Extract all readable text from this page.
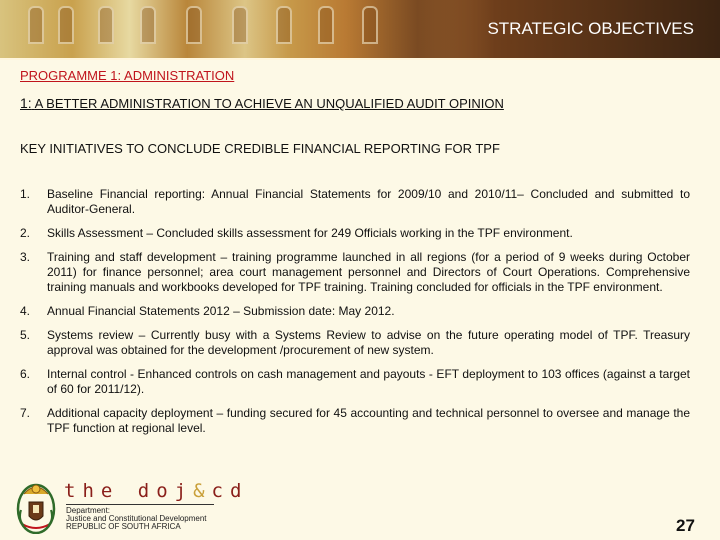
STRATEGIC OBJECTIVES
PROGRAMME 1: ADMINISTRATION
1: A BETTER ADMINISTRATION TO ACHIEVE AN UNQUALIFIED AUDIT OPINION
KEY INITIATIVES TO CONCLUDE CREDIBLE FINANCIAL REPORTING FOR TPF
1.	Baseline Financial reporting: Annual Financial Statements for 2009/10 and 2010/11– Concluded and submitted to Auditor-General.
2.	Skills Assessment – Concluded skills assessment for 249 Officials working in the TPF environment.
3.	Training and staff development – training programme launched in all regions (for a period of 9 weeks during October 2011) for finance personnel; area court management personnel and Directors of Court Operations. Comprehensive training manuals and workbooks developed for TPF training. Training concluded for officials in the TPF environment.
4.	Annual Financial Statements 2012 – Submission date: May 2012.
5.	Systems review – Currently busy with a Systems Review to advise on the future operating model of TPF. Treasury approval was obtained for the development /procurement of new system.
6.	Internal control - Enhanced controls on cash management and payouts - EFT deployment to 103 offices (against a target of 60 for 2011/12).
7.	Additional capacity deployment – funding secured for 45 accounting and technical personnel to oversee and manage the TPF function at regional level.
the doj&cd
Department:
Justice and Constitutional Development
REPUBLIC OF SOUTH AFRICA	27
